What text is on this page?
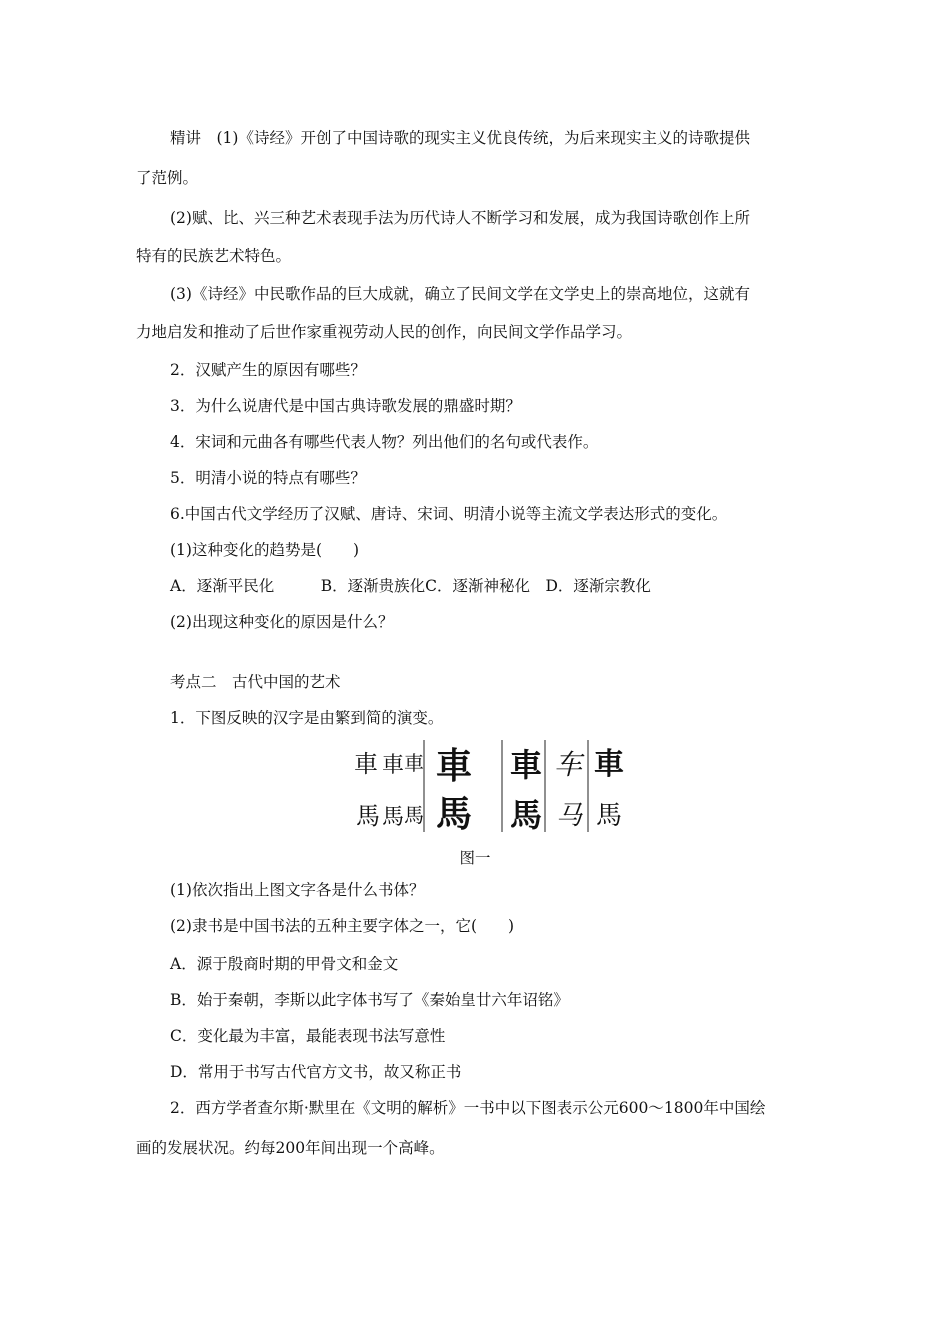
精讲　(1)《诗经》开创了中国诗歌的现实主义优良传统，为后来现实主义的诗歌提供
了范例。
(2)赋、比、兴三种艺术表现手法为历代诗人不断学习和发展，成为我国诗歌创作上所
特有的民族艺术特色。
(3)《诗经》中民歌作品的巨大成就，确立了民间文学在文学史上的崇高地位，这就有
力地启发和推动了后世作家重视劳动人民的创作，向民间文学作品学习。
2．汉赋产生的原因有哪些？
3．为什么说唐代是中国古典诗歌发展的鼎盛时期？
4．宋词和元曲各有哪些代表人物？列出他们的名句或代表作。
5．明清小说的特点有哪些？
6.中国古代文学经历了汉赋、唐诗、宋词、明清小说等主流文学表达形式的变化。
(1)这种变化的趋势是(　　)
A．逐渐平民化　　　B．逐渐贵族化C．逐渐神秘化　D．逐渐宗教化
(2)出现这种变化的原因是什么？
考点二　古代中国的艺术
1．下图反映的汉字是由繁到简的演变。
車
馬
車
馬
車
馬
車
馬
車
馬
车
马
車
馬
图一
(1)依次指出上图文字各是什么书体？
(2)隶书是中国书法的五种主要字体之一，它(　　)
A．源于殷商时期的甲骨文和金文
B．始于秦朝，李斯以此字体书写了《秦始皇廿六年诏铭》
C．变化最为丰富，最能表现书法写意性
D．常用于书写古代官方文书，故又称正书
2．西方学者查尔斯·默里在《文明的解析》一书中以下图表示公元600～1800年中国绘
画的发展状况。约每200年间出现一个高峰。
